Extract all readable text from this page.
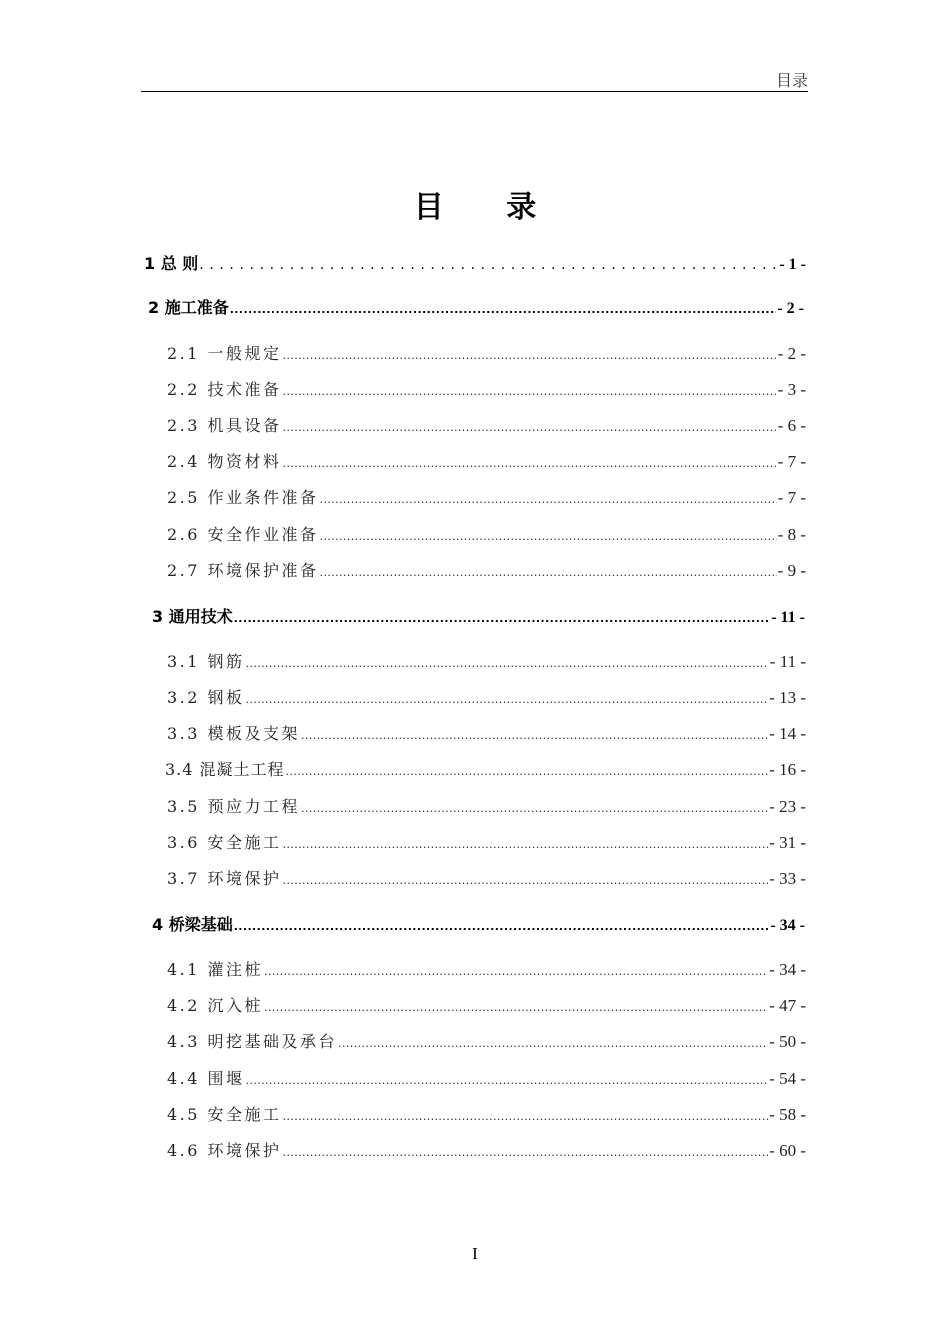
目录
目 录
1 总 则 .....	- 1 -
2 施工准备 .....	- 2 -
2.1 一般规定 .....	- 2 -
2.2 技术准备 .....	- 3 -
2.3 机具设备 .....	- 6 -
2.4 物资材料 .....	- 7 -
2.5 作业条件准备 .....	- 7 -
2.6 安全作业准备 .....	- 8 -
2.7 环境保护准备 .....	- 9 -
3 通用技术 .....	- 11 -
3.1 钢筋 .....	- 11 -
3.2 钢板 .....	- 13 -
3.3 模板及支架 .....	- 14 -
3.4 混凝土工程 .....	- 16 -
3.5 预应力工程 .....	- 23 -
3.6 安全施工 .....	- 31 -
3.7 环境保护 .....	- 33 -
4 桥梁基础 .....	- 34 -
4.1 灌注桩 .....	- 34 -
4.2 沉入桩 .....	- 47 -
4.3 明挖基础及承台 .....	- 50 -
4.4 围堰 .....	- 54 -
4.5 安全施工 .....	- 58 -
4.6 环境保护 .....	- 60 -
I
